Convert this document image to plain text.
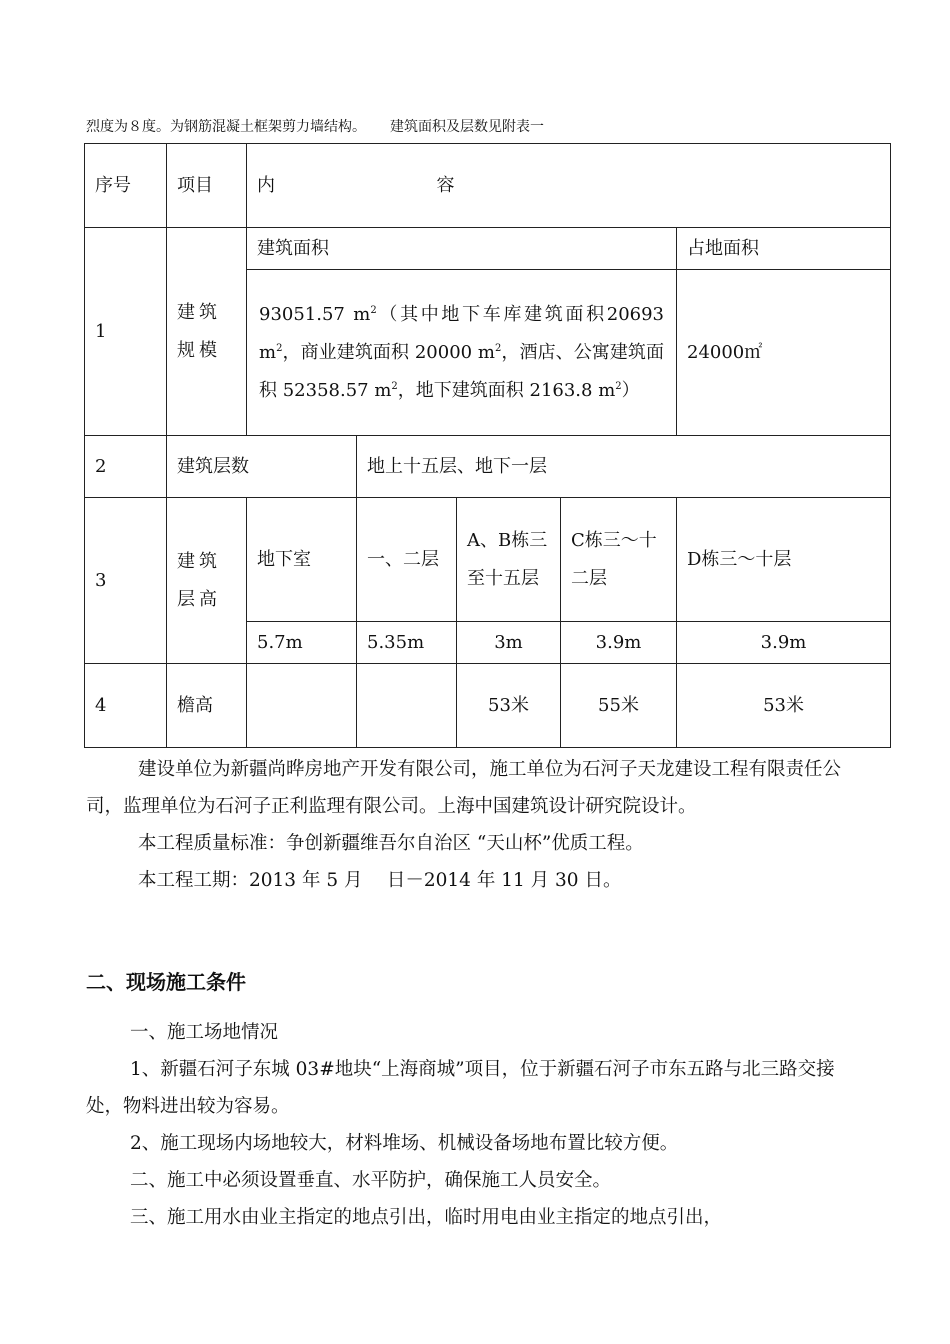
烈度为８度。为钢筋混凝土框架剪力墙结构。 建筑面积及层数见附表一
序号	项目	内 容				
1	建筑规模	建筑面积				占地面积
		93051.57 $m^2$（其中地下车库建筑面积20693 $m^2$，商业建筑面积 20000 $m^2$，酒店、公寓建筑面积 52358.57 $m^2$，地下建筑面积 2163.8 $m^2$）				24000㎡
2	建筑层数		地上十五层、地下一层			
3	建筑层高	地下室	一、二层	A、B栋三至十五层	C栋三～十二层	D栋三～十层
		5.7m	5.35m	3m	3.9m	3.9m
4	檐高			53米	55米	53米

建设单位为新疆尚晔房地产开发有限公司，施工单位为石河子天龙建设工程有限责任公司，监理单位为石河子正利监理有限公司。上海中国建筑设计研究院设计。

本工程质量标准：争创新疆维吾尔自治区 “天山杯”优质工程。

本工程工期：2013 年 5 月　 日－2014 年 11 月 30 日。

二、现场施工条件

一、施工场地情况

1、新疆石河子东城 03#地块“上海商城”项目，位于新疆石河子市东五路与北三路交接处，物料进出较为容易。

2、施工现场内场地较大，材料堆场、机械设备场地布置比较方便。

二、施工中必须设置垂直、水平防护，确保施工人员安全。

三、施工用水由业主指定的地点引出，临时用电由业主指定的地点引出，
